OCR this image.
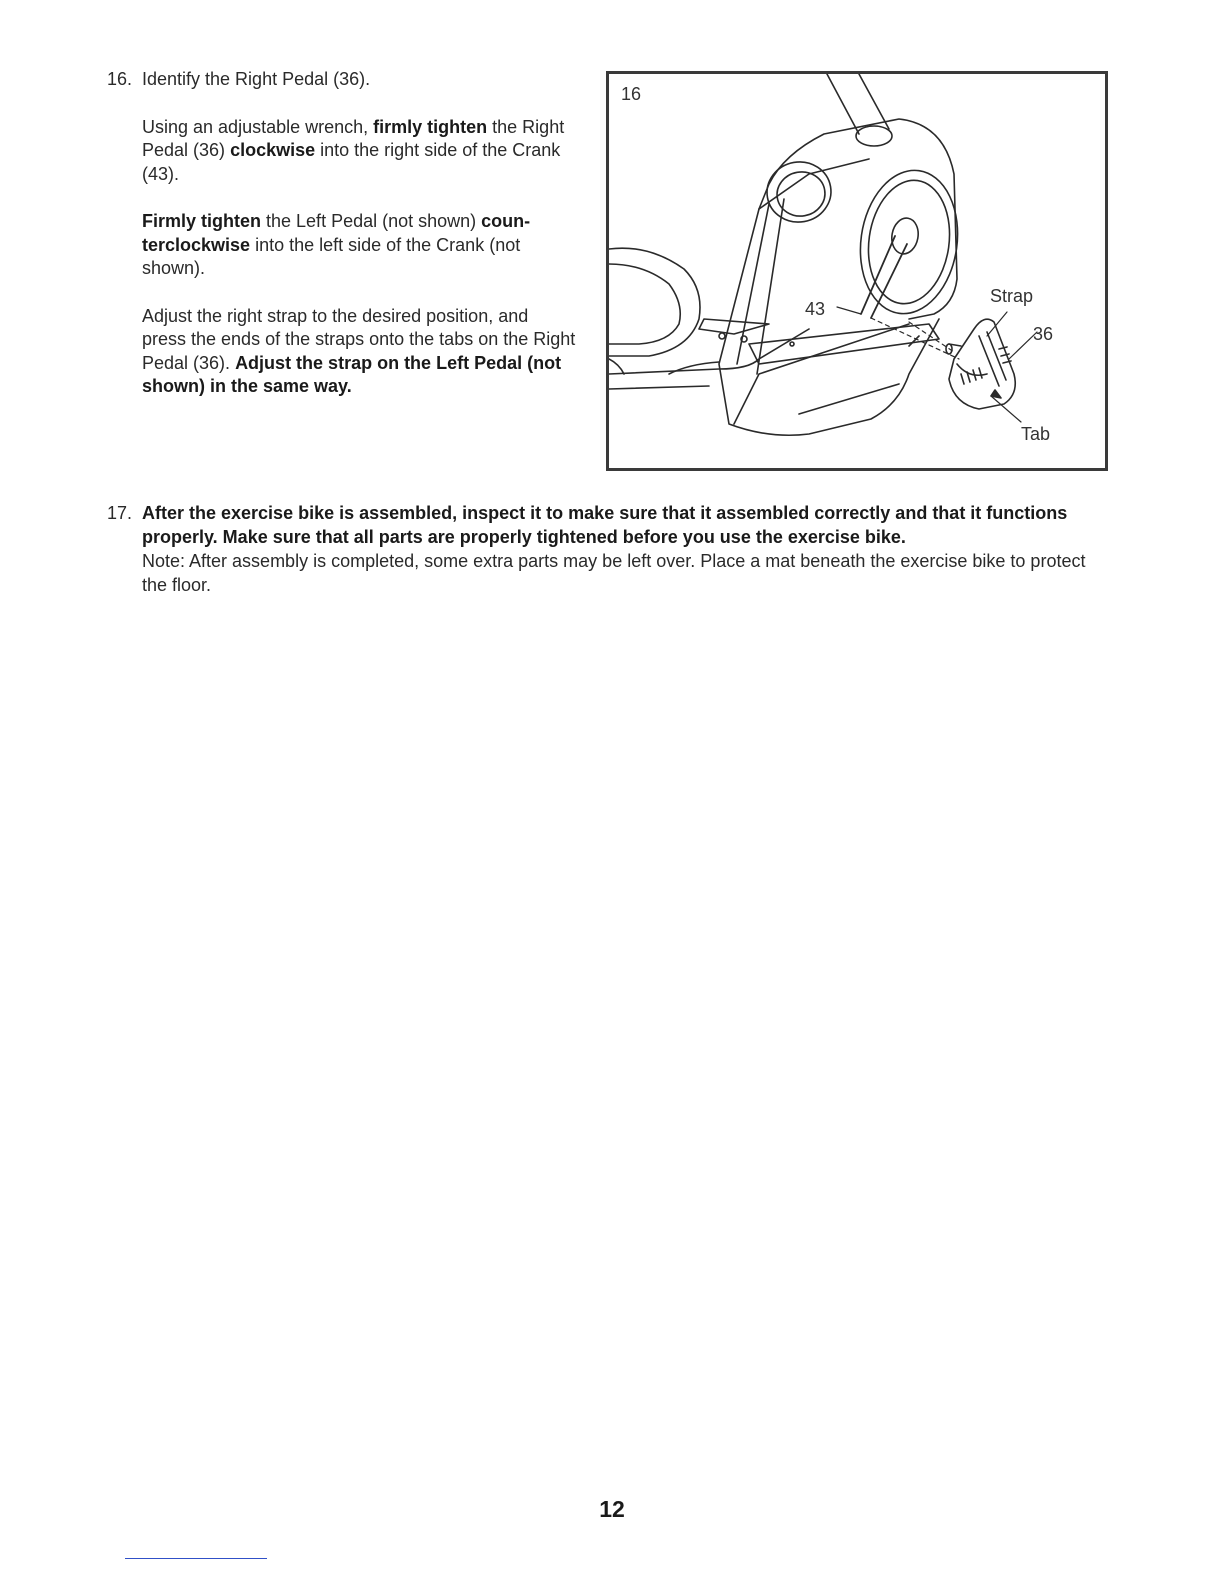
16. Identify the Right Pedal (36).

Using an adjustable wrench, firmly tighten the Right Pedal (36) clockwise into the right side of the Crank (43).

Firmly tighten the Left Pedal (not shown) coun-terclockwise into the left side of the Crank (not shown).

Adjust the right strap to the desired position, and press the ends of the straps onto the tabs on the Right Pedal (36). Adjust the strap on the Left Pedal (not shown) in the same way.

16
43
Strap
36
Tab
17. After the exercise bike is assembled, inspect it to make sure that it assembled correctly and that it functions properly. Make sure that all parts are properly tightened before you use the exercise bike.
Note: After assembly is completed, some extra parts may be left over. Place a mat beneath the exercise bike to protect the floor.
12
